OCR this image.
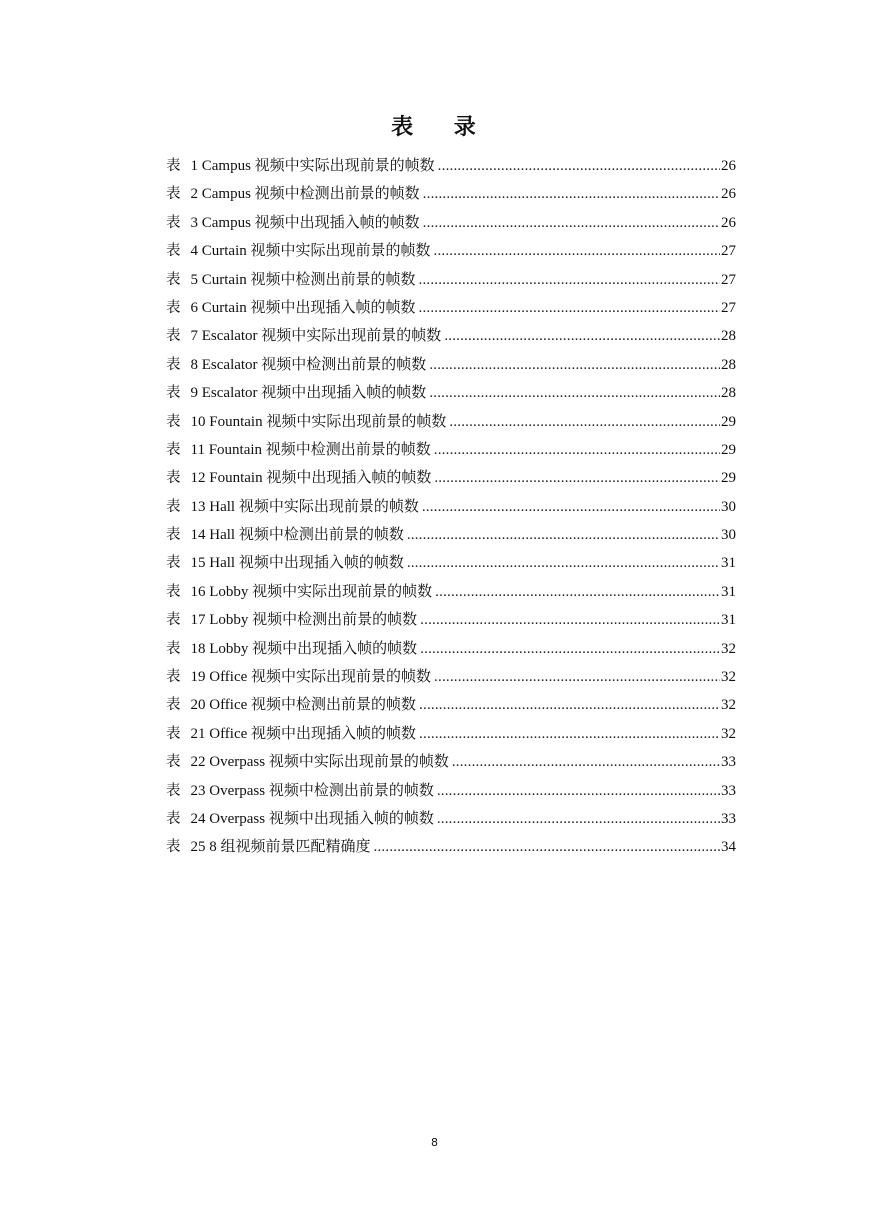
表    录
表 1 Campus 视频中实际出现前景的帧数 .....	26
表 2 Campus 视频中检测出前景的帧数 .....	26
表 3 Campus 视频中出现插入帧的帧数 .....	26
表 4 Curtain 视频中实际出现前景的帧数 .....	27
表 5 Curtain 视频中检测出前景的帧数 .....	27
表 6 Curtain 视频中出现插入帧的帧数 .....	27
表 7 Escalator 视频中实际出现前景的帧数 .....	28
表 8 Escalator 视频中检测出前景的帧数 .....	28
表 9 Escalator 视频中出现插入帧的帧数 .....	28
表 10 Fountain 视频中实际出现前景的帧数 .....	29
表 11 Fountain 视频中检测出前景的帧数 .....	29
表 12 Fountain 视频中出现插入帧的帧数 .....	29
表 13 Hall 视频中实际出现前景的帧数 .....	30
表 14 Hall 视频中检测出前景的帧数 .....	30
表 15 Hall 视频中出现插入帧的帧数 .....	31
表 16 Lobby 视频中实际出现前景的帧数 .....	31
表 17 Lobby 视频中检测出前景的帧数 .....	31
表 18 Lobby 视频中出现插入帧的帧数 .....	32
表 19 Office 视频中实际出现前景的帧数 .....	32
表 20 Office 视频中检测出前景的帧数 .....	32
表 21 Office 视频中出现插入帧的帧数 .....	32
表 22 Overpass 视频中实际出现前景的帧数 .....	33
表 23 Overpass 视频中检测出前景的帧数 .....	33
表 24 Overpass 视频中出现插入帧的帧数 .....	33
表 25 8 组视频前景匹配精确度 .....	34
8
